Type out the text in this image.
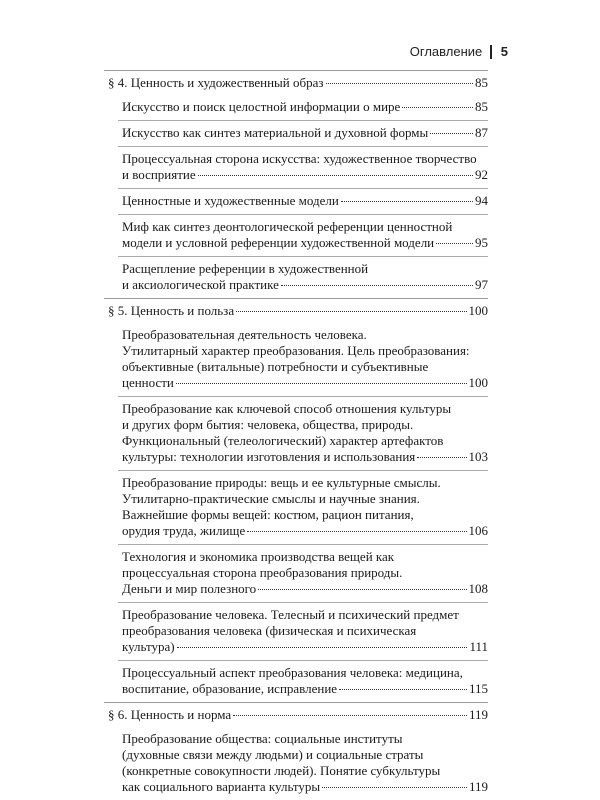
Оглавление 5
§ 4. Ценность и художественный образ	85
Искусство и поиск целостной информации о мире	85
Искусство как синтез материальной и духовной формы	87
Процессуальная сторона искусства: художественное творчество
и восприятие	92
Ценностные и художественные модели	94
Миф как синтез деонтологической референции ценностной
модели и условной референции художественной модели	95
Расщепление референции в художественной
и аксиологической практике	97
§ 5. Ценность и польза	100
Преобразовательная деятельность человека.
Утилитарный характер преобразования. Цель преобразования:
объективные (витальные) потребности и субъективные
ценности	100
Преобразование как ключевой способ отношения культуры
и других форм бытия: человека, общества, природы.
Функциональный (телеологический) характер артефактов
культуры: технологии изготовления и использования	103
Преобразование природы: вещь и ее культурные смыслы.
Утилитарно-практические смыслы и научные знания.
Важнейшие формы вещей: костюм, рацион питания,
орудия труда, жилище	106
Технология и экономика производства вещей как
процессуальная сторона преобразования природы.
Деньги и мир полезного	108
Преобразование человека. Телесный и психический предмет
преобразования человека (физическая и психическая
культура)	111
Процессуальный аспект преобразования человека: медицина,
воспитание, образование, исправление	115
§ 6. Ценность и норма	119
Преобразование общества: социальные институты
(духовные связи между людьми) и социальные страты
(конкретные совокупности людей). Понятие субкультуры
как социального варианта культуры	119
